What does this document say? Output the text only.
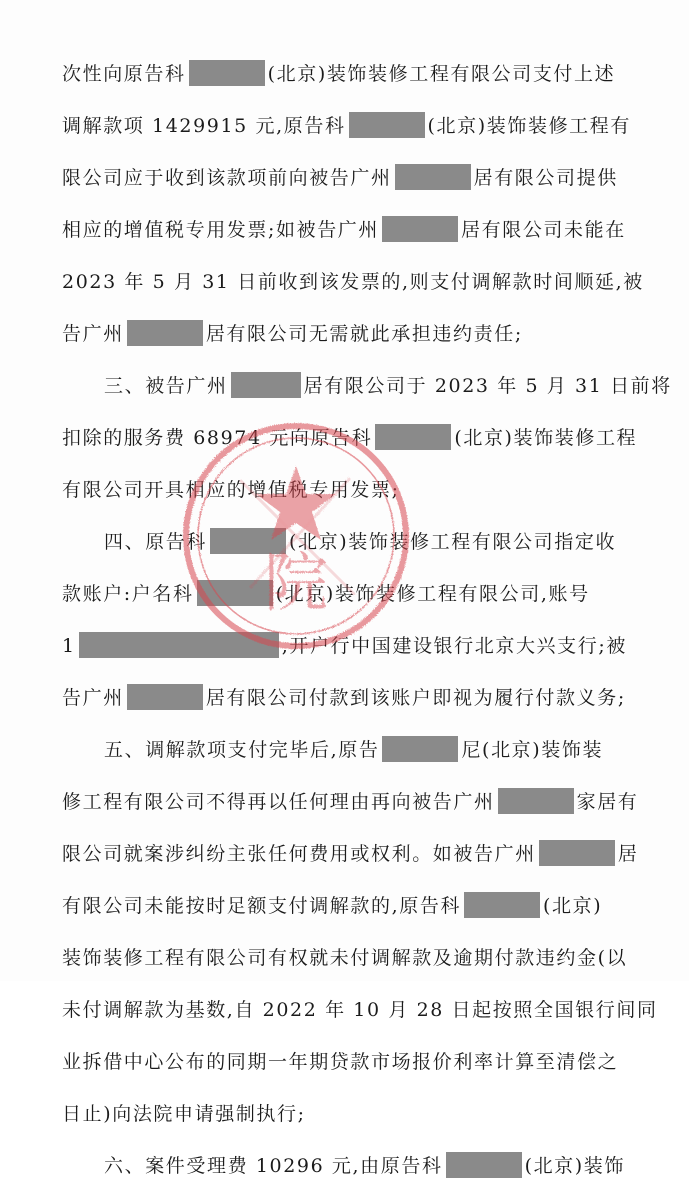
次性向原告科	(北京)装饰装修工程有限公司支付上述
调解款项 1429915 元,原告科	(北京)装饰装修工程有
限公司应于收到该款项前向被告广州	居有限公司提供
相应的增值税专用发票;如被告广州	居有限公司未能在
2023 年 5 月 31 日前收到该发票的,则支付调解款时间顺延,被
告广州	居有限公司无需就此承担违约责任;
三、被告广州	居有限公司于 2023 年 5 月 31 日前将
扣除的服务费 68974 元向原告科	(北京)装饰装修工程
有限公司开具相应的增值税专用发票;
四、原告科	(北京)装饰装修工程有限公司指定收
款账户:户名科	(北京)装饰装修工程有限公司,账号
1	,开户行中国建设银行北京大兴支行;被
告广州	居有限公司付款到该账户即视为履行付款义务;
五、调解款项支付完毕后,原告	尼(北京)装饰装
修工程有限公司不得再以任何理由再向被告广州	家居有
限公司就案涉纠纷主张任何费用或权利。如被告广州	居
有限公司未能按时足额支付调解款的,原告科	(北京)
装饰装修工程有限公司有权就未付调解款及逾期付款违约金(以
未付调解款为基数,自 2022 年 10 月 28 日起按照全国银行间同
业拆借中心公布的同期一年期贷款市场报价利率计算至清偿之
日止)向法院申请强制执行;
六、案件受理费 10296 元,由原告科	(北京)装饰
院
